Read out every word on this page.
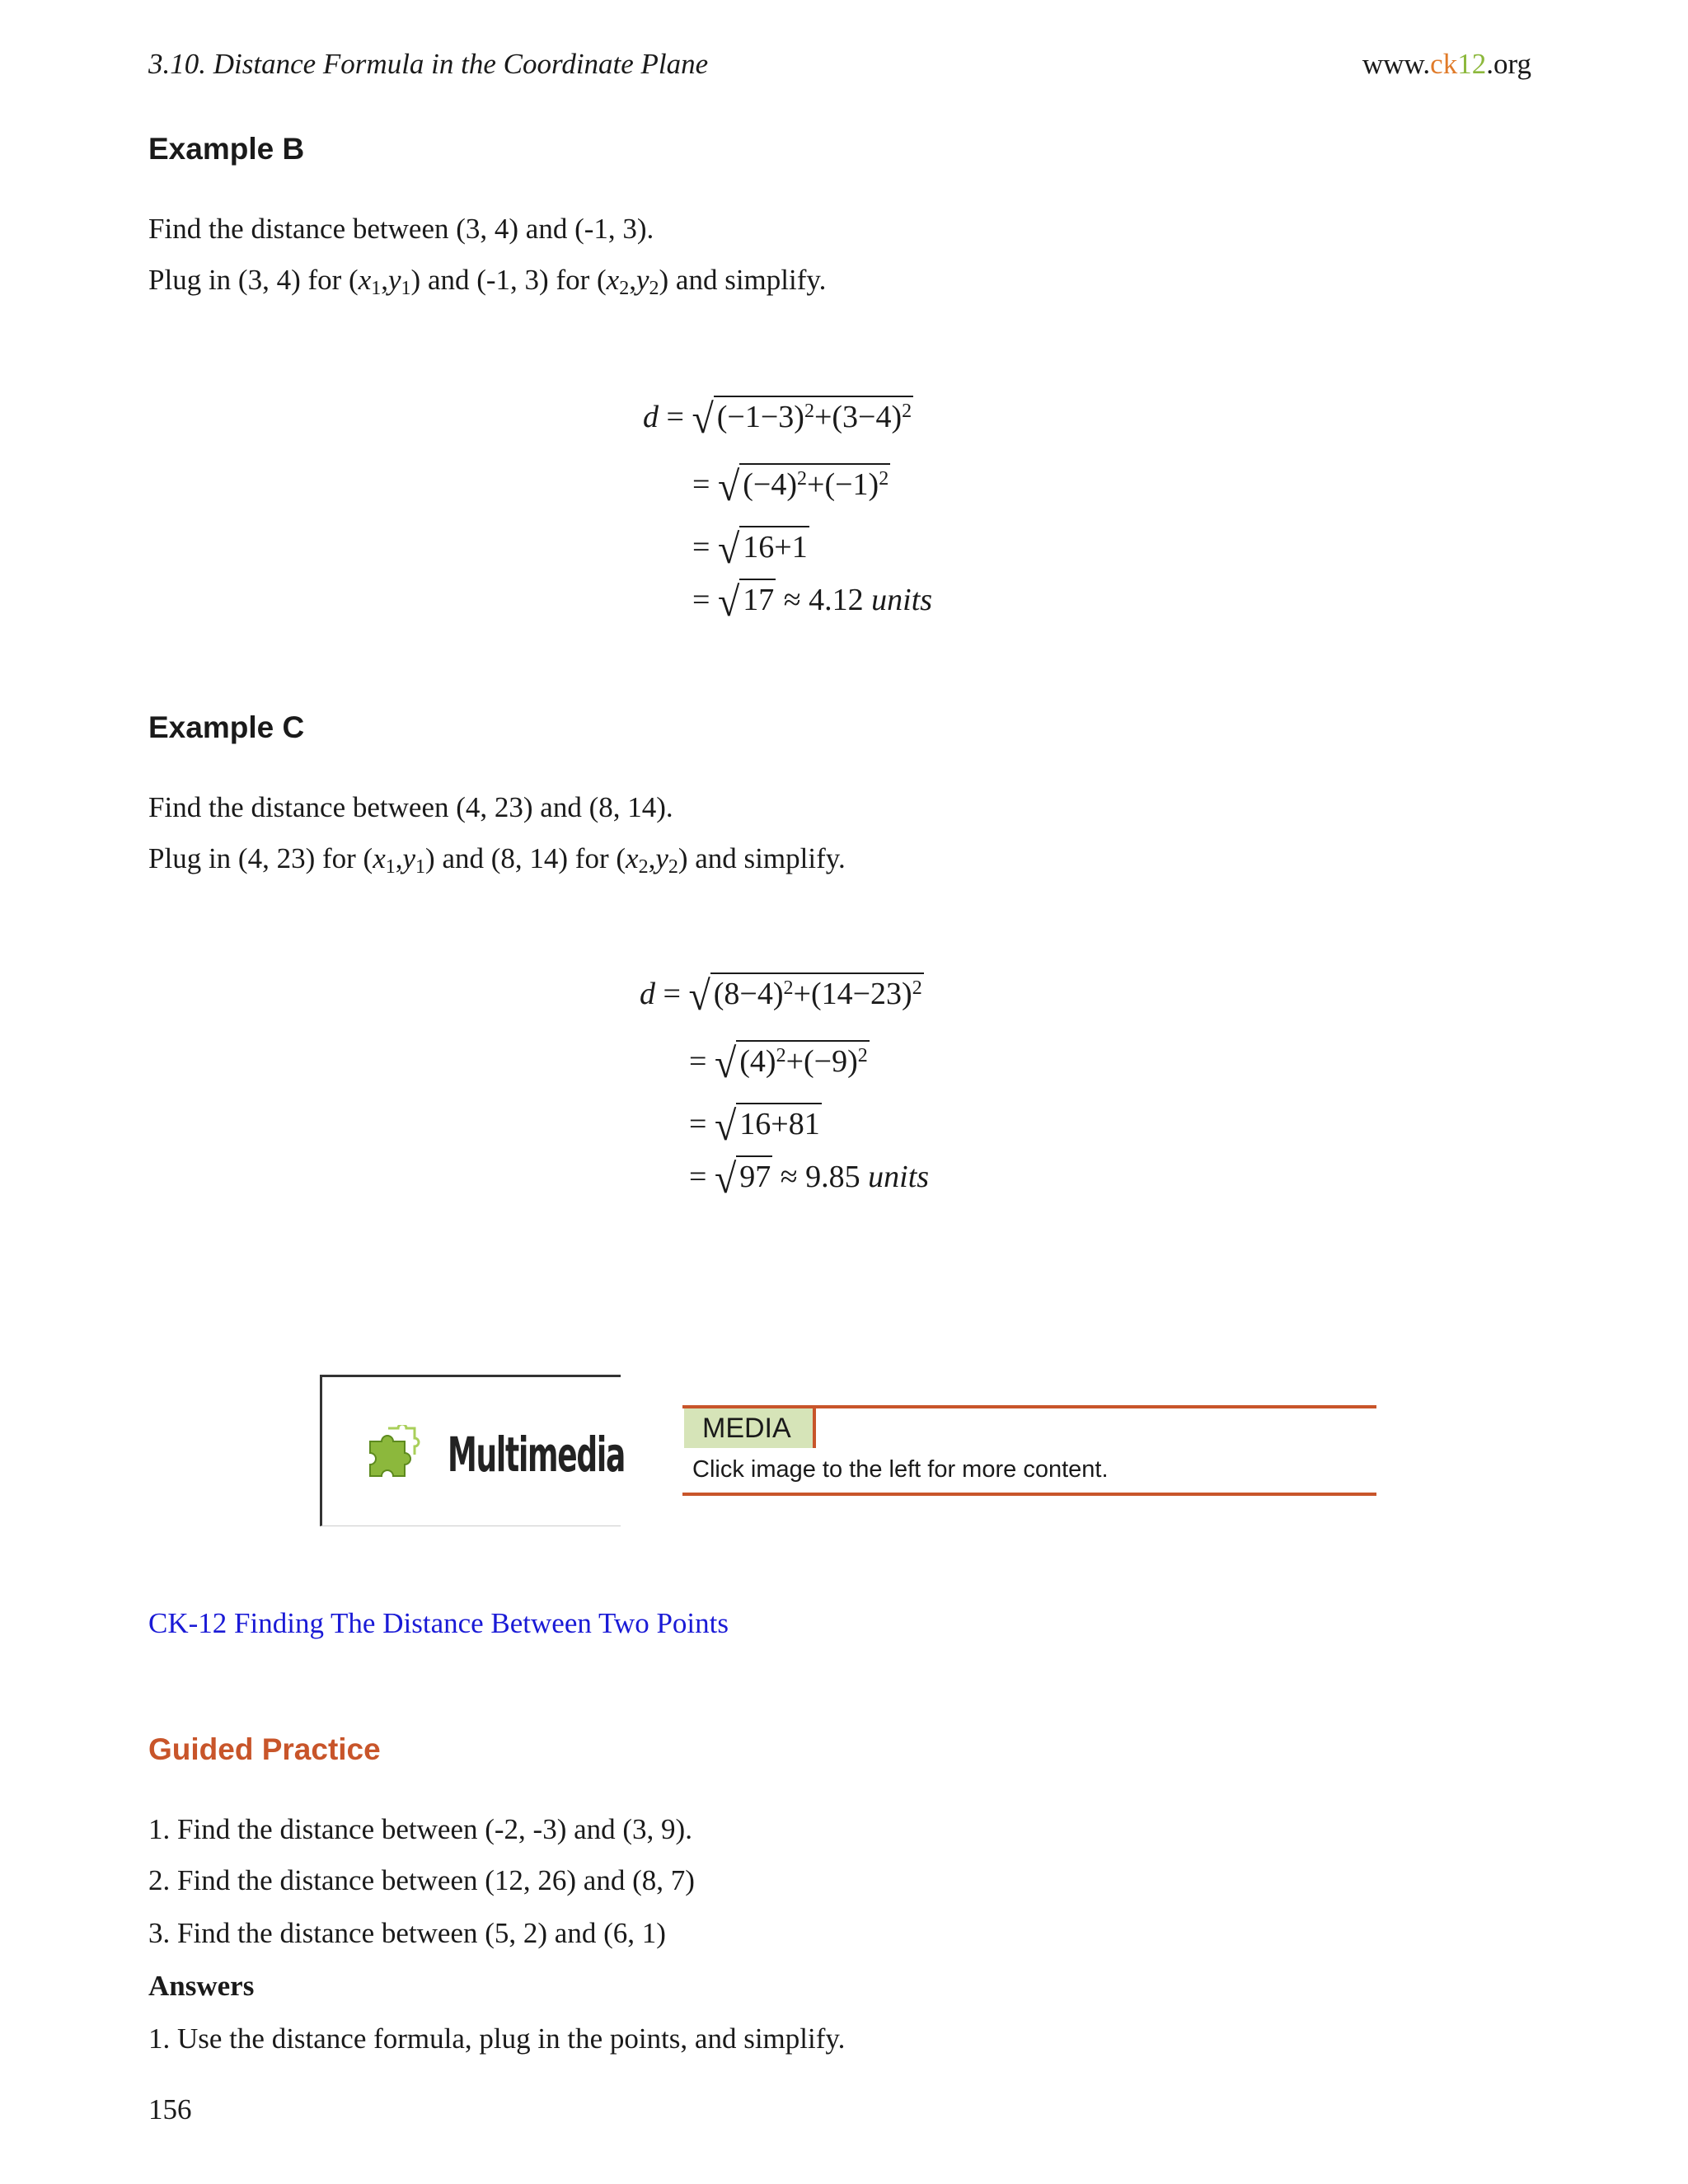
3.10. Distance Formula in the Coordinate Plane	www.ck12.org
Example B
Find the distance between (3, 4) and (-1, 3).
Plug in (3, 4) for $(x_1,y_1)$ and (-1, 3) for $(x_2,y_2)$ and simplify.
d = √ $(-1-3)^2+(3-4)^2$
= √ $(-4)^2+(-1)^2$
= √ 16+1
= √ 17 ≈ 4.12 units
Example C
Find the distance between (4, 23) and (8, 14).
Plug in (4, 23) for $(x_1,y_1)$ and (8, 14) for $(x_2,y_2)$ and simplify.
d = √ $(8-4)^2+(14-23)^2$
= √ $(4)^2+(-9)^2$
= √ 16+81
= √ 97 ≈ 9.85 units
Multimedia	MEDIA
Click image to the left for more content.
CK-12 Finding The Distance Between Two Points
Guided Practice
1. Find the distance between (-2, -3) and (3, 9).
2. Find the distance between (12, 26) and (8, 7)
3. Find the distance between (5, 2) and (6, 1)
Answers
1. Use the distance formula, plug in the points, and simplify.
156
